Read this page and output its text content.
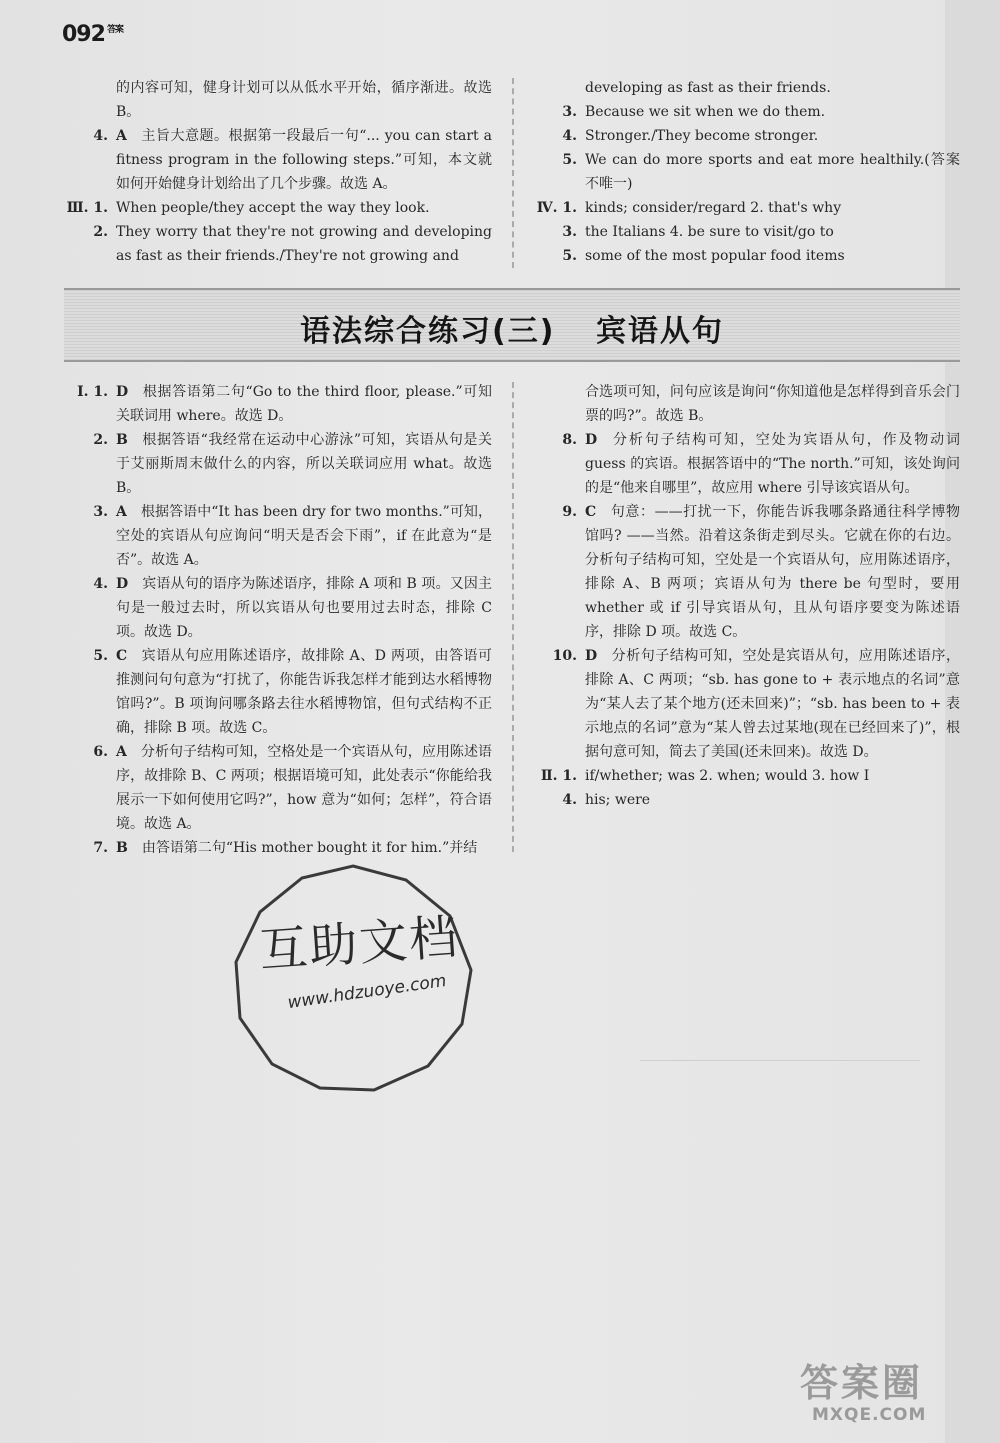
092 $^{答案}$
的内容可知，健身计划可以从低水平开始，循序渐进。故选 B。
4. A 主旨大意题。根据第一段最后一句“... you can start a fitness program in the following steps.”可知，本文就如何开始健身计划给出了几个步骤。故选 A。
Ⅲ. 1. When people/they accept the way they look.
2. They worry that they're not growing and developing as fast as their friends./They're not growing and
developing as fast as their friends.
3. Because we sit when we do them.
4. Stronger./They become stronger.
5. We can do more sports and eat more healthily.(答案不唯一)
Ⅳ. 1. kinds; consider/regard 2. that's why
3. the Italians 4. be sure to visit/go to
5. some of the most popular food items
语法综合练习(三) 宾语从句
Ⅰ. 1. D 根据答语第二句“Go to the third floor, please.”可知关联词用 where。故选 D。
2. B 根据答语“我经常在运动中心游泳”可知，宾语从句是关于艾丽斯周末做什么的内容，所以关联词应用 what。故选 B。
3. A 根据答语中“It has been dry for two months.”可知，空处的宾语从句应询问“明天是否会下雨”，if 在此意为“是否”。故选 A。
4. D 宾语从句的语序为陈述语序，排除 A 项和 B 项。又因主句是一般过去时，所以宾语从句也要用过去时态，排除 C 项。故选 D。
5. C 宾语从句应用陈述语序，故排除 A、D 两项，由答语可推测问句句意为“打扰了，你能告诉我怎样才能到达水稻博物馆吗?”。B 项询问哪条路去往水稻博物馆，但句式结构不正确，排除 B 项。故选 C。
6. A 分析句子结构可知，空格处是一个宾语从句，应用陈述语序，故排除 B、C 两项；根据语境可知，此处表示“你能给我展示一下如何使用它吗?”，how 意为“如何；怎样”，符合语境。故选 A。
7. B 由答语第二句“His mother bought it for him.”并结
合选项可知，问句应该是询问“你知道他是怎样得到音乐会门票的吗?”。故选 B。
8. D 分析句子结构可知，空处为宾语从句，作及物动词 guess 的宾语。根据答语中的“The north.”可知，该处询问的是“他来自哪里”，故应用 where 引导该宾语从句。
9. C 句意：——打扰一下，你能告诉我哪条路通往科学博物馆吗? ——当然。沿着这条街走到尽头。它就在你的右边。分析句子结构可知，空处是一个宾语从句，应用陈述语序，排除 A、B 两项；宾语从句为 there be 句型时，要用 whether 或 if 引导宾语从句，且从句语序要变为陈述语序，排除 D 项。故选 C。
10. D 分析句子结构可知，空处是宾语从句，应用陈述语序，排除 A、C 两项；“sb. has gone to + 表示地点的名词”意为“某人去了某个地方(还未回来)”；“sb. has been to + 表示地点的名词”意为“某人曾去过某地(现在已经回来了)”，根据句意可知，简去了美国(还未回来)。故选 D。
Ⅱ. 1. if/whether; was 2. when; would 3. how I
4. his; were
互助文档
www.hdzuoye.com
答案圈
MXQE.COM
